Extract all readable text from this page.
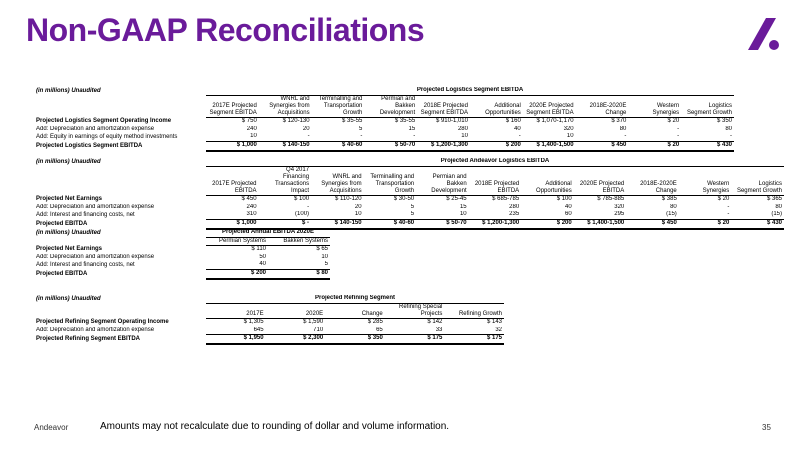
Non-GAAP Reconciliations
(in millions) Unaudited	Projected Logistics Segment EBITDA									
	2017E Projected Segment EBITDA	WNRL and Synergies from Acquisitions	Terminalling and Transportation Growth	Permian and Bakken Development	2018E Projected Segment EBITDA	Additional Opportunities	2020E Projected Segment EBITDA	2018E-2020E Change	Western Synergies	Logistics Segment Growth
Projected Logistics Segment Operating Income	$ 750	$ 120-130	$ 35-55	$ 35-55	$ 910-1,010	$ 160	$ 1,070-1,170	$ 370	$ 20	$ 350
Add: Depreciation and amortization expense	240	20	5	15	280	40	320	80	-	80
Add: Equity in earnings of equity method investments	10	-	-	-	10	-	10	-	-	-
Projected Logistics Segment EBITDA	$ 1,000	$ 140-150	$ 40-60	$ 50-70	$ 1,200-1,300	$ 200	$ 1,400-1,500	$ 450	$ 20	$ 430
(in millions) Unaudited	Projected Andeavor Logistics EBITDA										
	2017E Projected EBITDA	Q4 2017 Financing Transactions Impact	WNRL and Synergies from Acquisitions	Terminalling and Transportation Growth	Permian and Bakken Development	2018E Projected EBITDA	Additional Opportunities	2020E Projected EBITDA	2018E-2020E Change	Western Synergies	Logistics Segment Growth
Projected Net Earnings	$ 450	$ 100	$ 110-120	$ 30-50	$ 25-45	$ 685-785	$ 100	$ 785-885	$ 385	$ 20	$ 365
Add: Depreciation and amortization expense	240	-	20	5	15	280	40	320	80	-	80
Add: Interest and financing costs, net	310	(100)	10	5	10	235	60	295	(15)	-	(15)
Projected EBITDA	$ 1,000	$ -	$ 140-150	$ 40-60	$ 50-70	$ 1,200-1,300	$ 200	$ 1,400-1,500	$ 450	$ 20	$ 430
(in millions) Unaudited	Projected Annual EBITDA 2020E	
	Permian Systems	Bakken Systems
Projected Net Earnings	$ 110	$ 65
Add: Depreciation and amortization expense	50	10
Add: Interest and financing costs, net	40	5
Projected EBITDA	$ 200	$ 80
(in millions) Unaudited	Projected Refining Segment				
	2017E	2020E	Change	Refining Special Projects	Refining Growth
Projected Refining Segment Operating Income	$ 1,305	$ 1,590	$ 285	$ 142	$ 143
Add: Depreciation and amortization expense	645	710	65	33	32
Projected Refining Segment EBITDA	$ 1,950	$ 2,300	$ 350	$ 175	$ 175
Andeavor	Amounts may not recalculate due to rounding of dollar and volume information.	35
